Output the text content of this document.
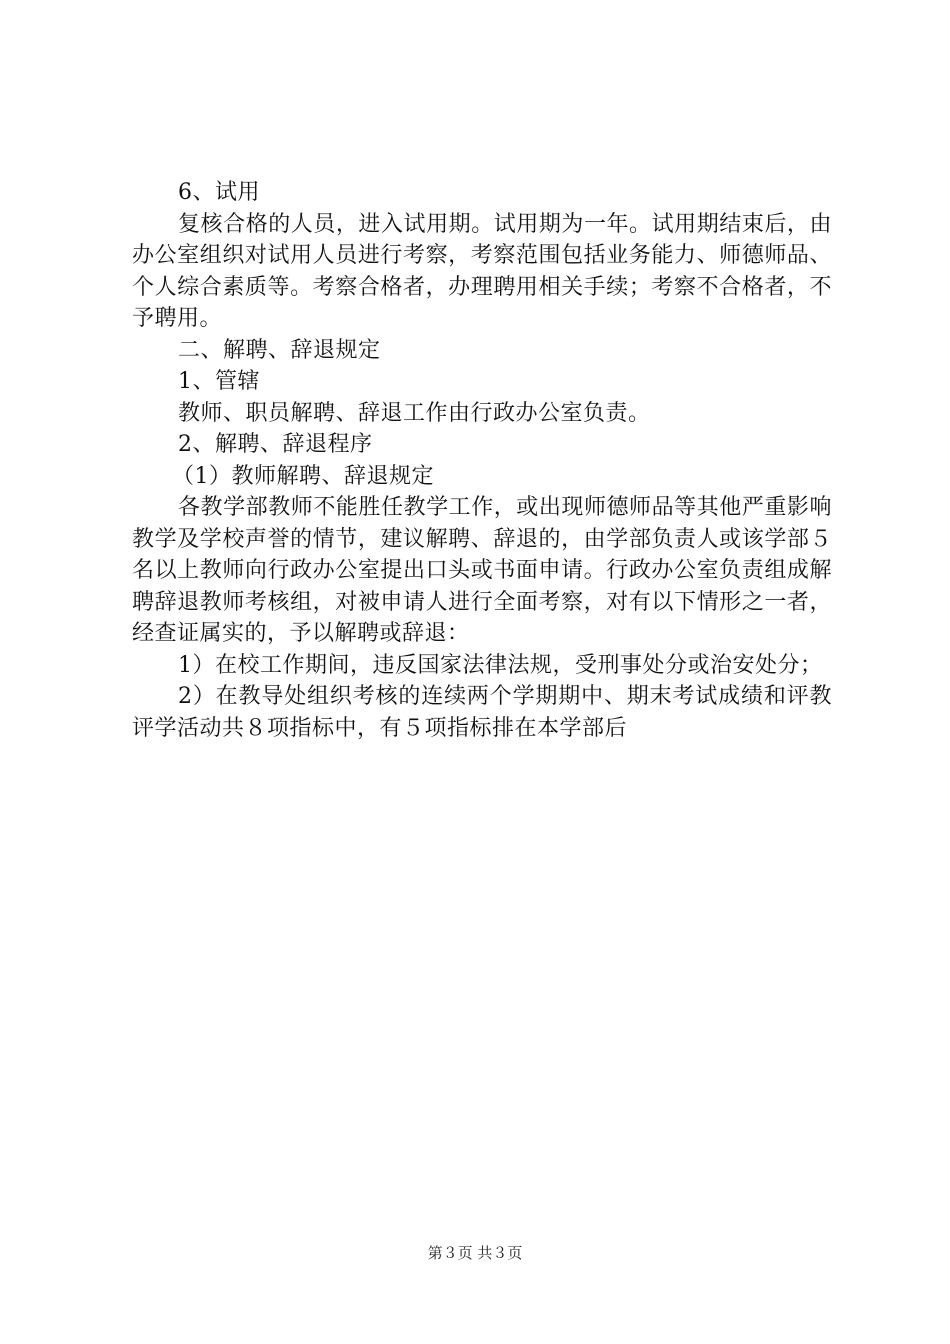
6、试用

复核合格的人员，进入试用期。试用期为一年。试用期结束后，由办公室组织对试用人员进行考察，考察范围包括业务能力、师德师品、个人综合素质等。考察合格者，办理聘用相关手续；考察不合格者，不予聘用。

二、解聘、辞退规定

1、管辖

教师、职员解聘、辞退工作由行政办公室负责。

2、解聘、辞退程序

（1）教师解聘、辞退规定

各教学部教师不能胜任教学工作，或出现师德师品等其他严重影响教学及学校声誉的情节，建议解聘、辞退的，由学部负责人或该学部５名以上教师向行政办公室提出口头或书面申请。行政办公室负责组成解聘辞退教师考核组，对被申请人进行全面考察，对有以下情形之一者，经查证属实的，予以解聘或辞退：

1）在校工作期间，违反国家法律法规，受刑事处分或治安处分；

2）在教导处组织考核的连续两个学期期中、期末考试成绩和评教评学活动共８项指标中，有５项指标排在本学部后

第３页 共３页
